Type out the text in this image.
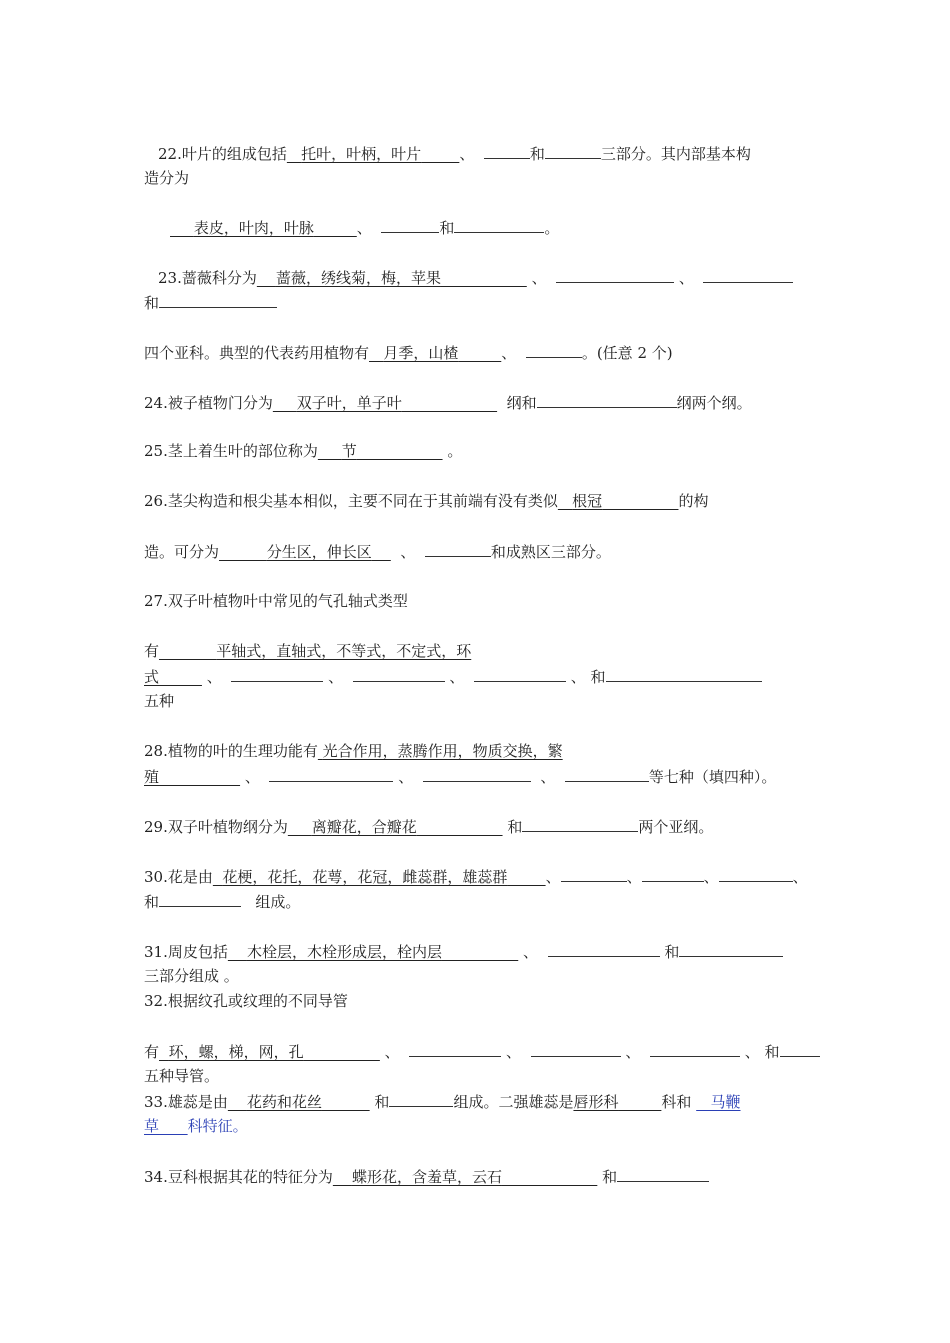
22.叶片的组成包括 托叶，叶柄，叶片	、	和	三部分。其内部基本构
造分为
表皮，叶肉，叶脉	、	和	。
23.蔷薇科分为 蔷薇，绣线菊，梅，苹果	、	、
和
四个亚科。典型的代表药用植物有 月季，山楂	、	。(任意 2 个)
24.被子植物门分为 双子叶，单子叶	纲和	纲两个纲。
25.茎上着生叶的部位称为 节	。
26.茎尖构造和根尖基本相似，主要不同在于其前端有没有类似 根冠	的构
造。可分为	分生区，伸长区 、	和成熟区三部分。
27.双子叶植物叶中常见的气孔轴式类型
有	平轴式，直轴式，不等式，不定式，环
式	、	、	、	、 和
五种
28.植物的叶的生理功能有 光合作用，蒸腾作用，物质交换，繁
殖	、	、	、	等七种（填四种）。
29.双子叶植物纲分为 离瓣花，合瓣花	和	两个亚纲。
30.花是由 花梗，花托，花萼，花冠，雌蕊群，雄蕊群	、	、	、	、
和	组成。
31.周皮包括 木栓层，木栓形成层，栓内层	、	和
三部分组成 。
32.根据纹孔或纹理的不同导管
有 环，螺，梯，网，孔	、	、	、	、 和
五种导管。
33.雄蕊是由 花药和花丝	和	组成。二强雄蕊是唇形科	科和 马鞭
草 科特征。
34.豆科根据其花的特征分为 蝶形花，含羞草，云石	和
